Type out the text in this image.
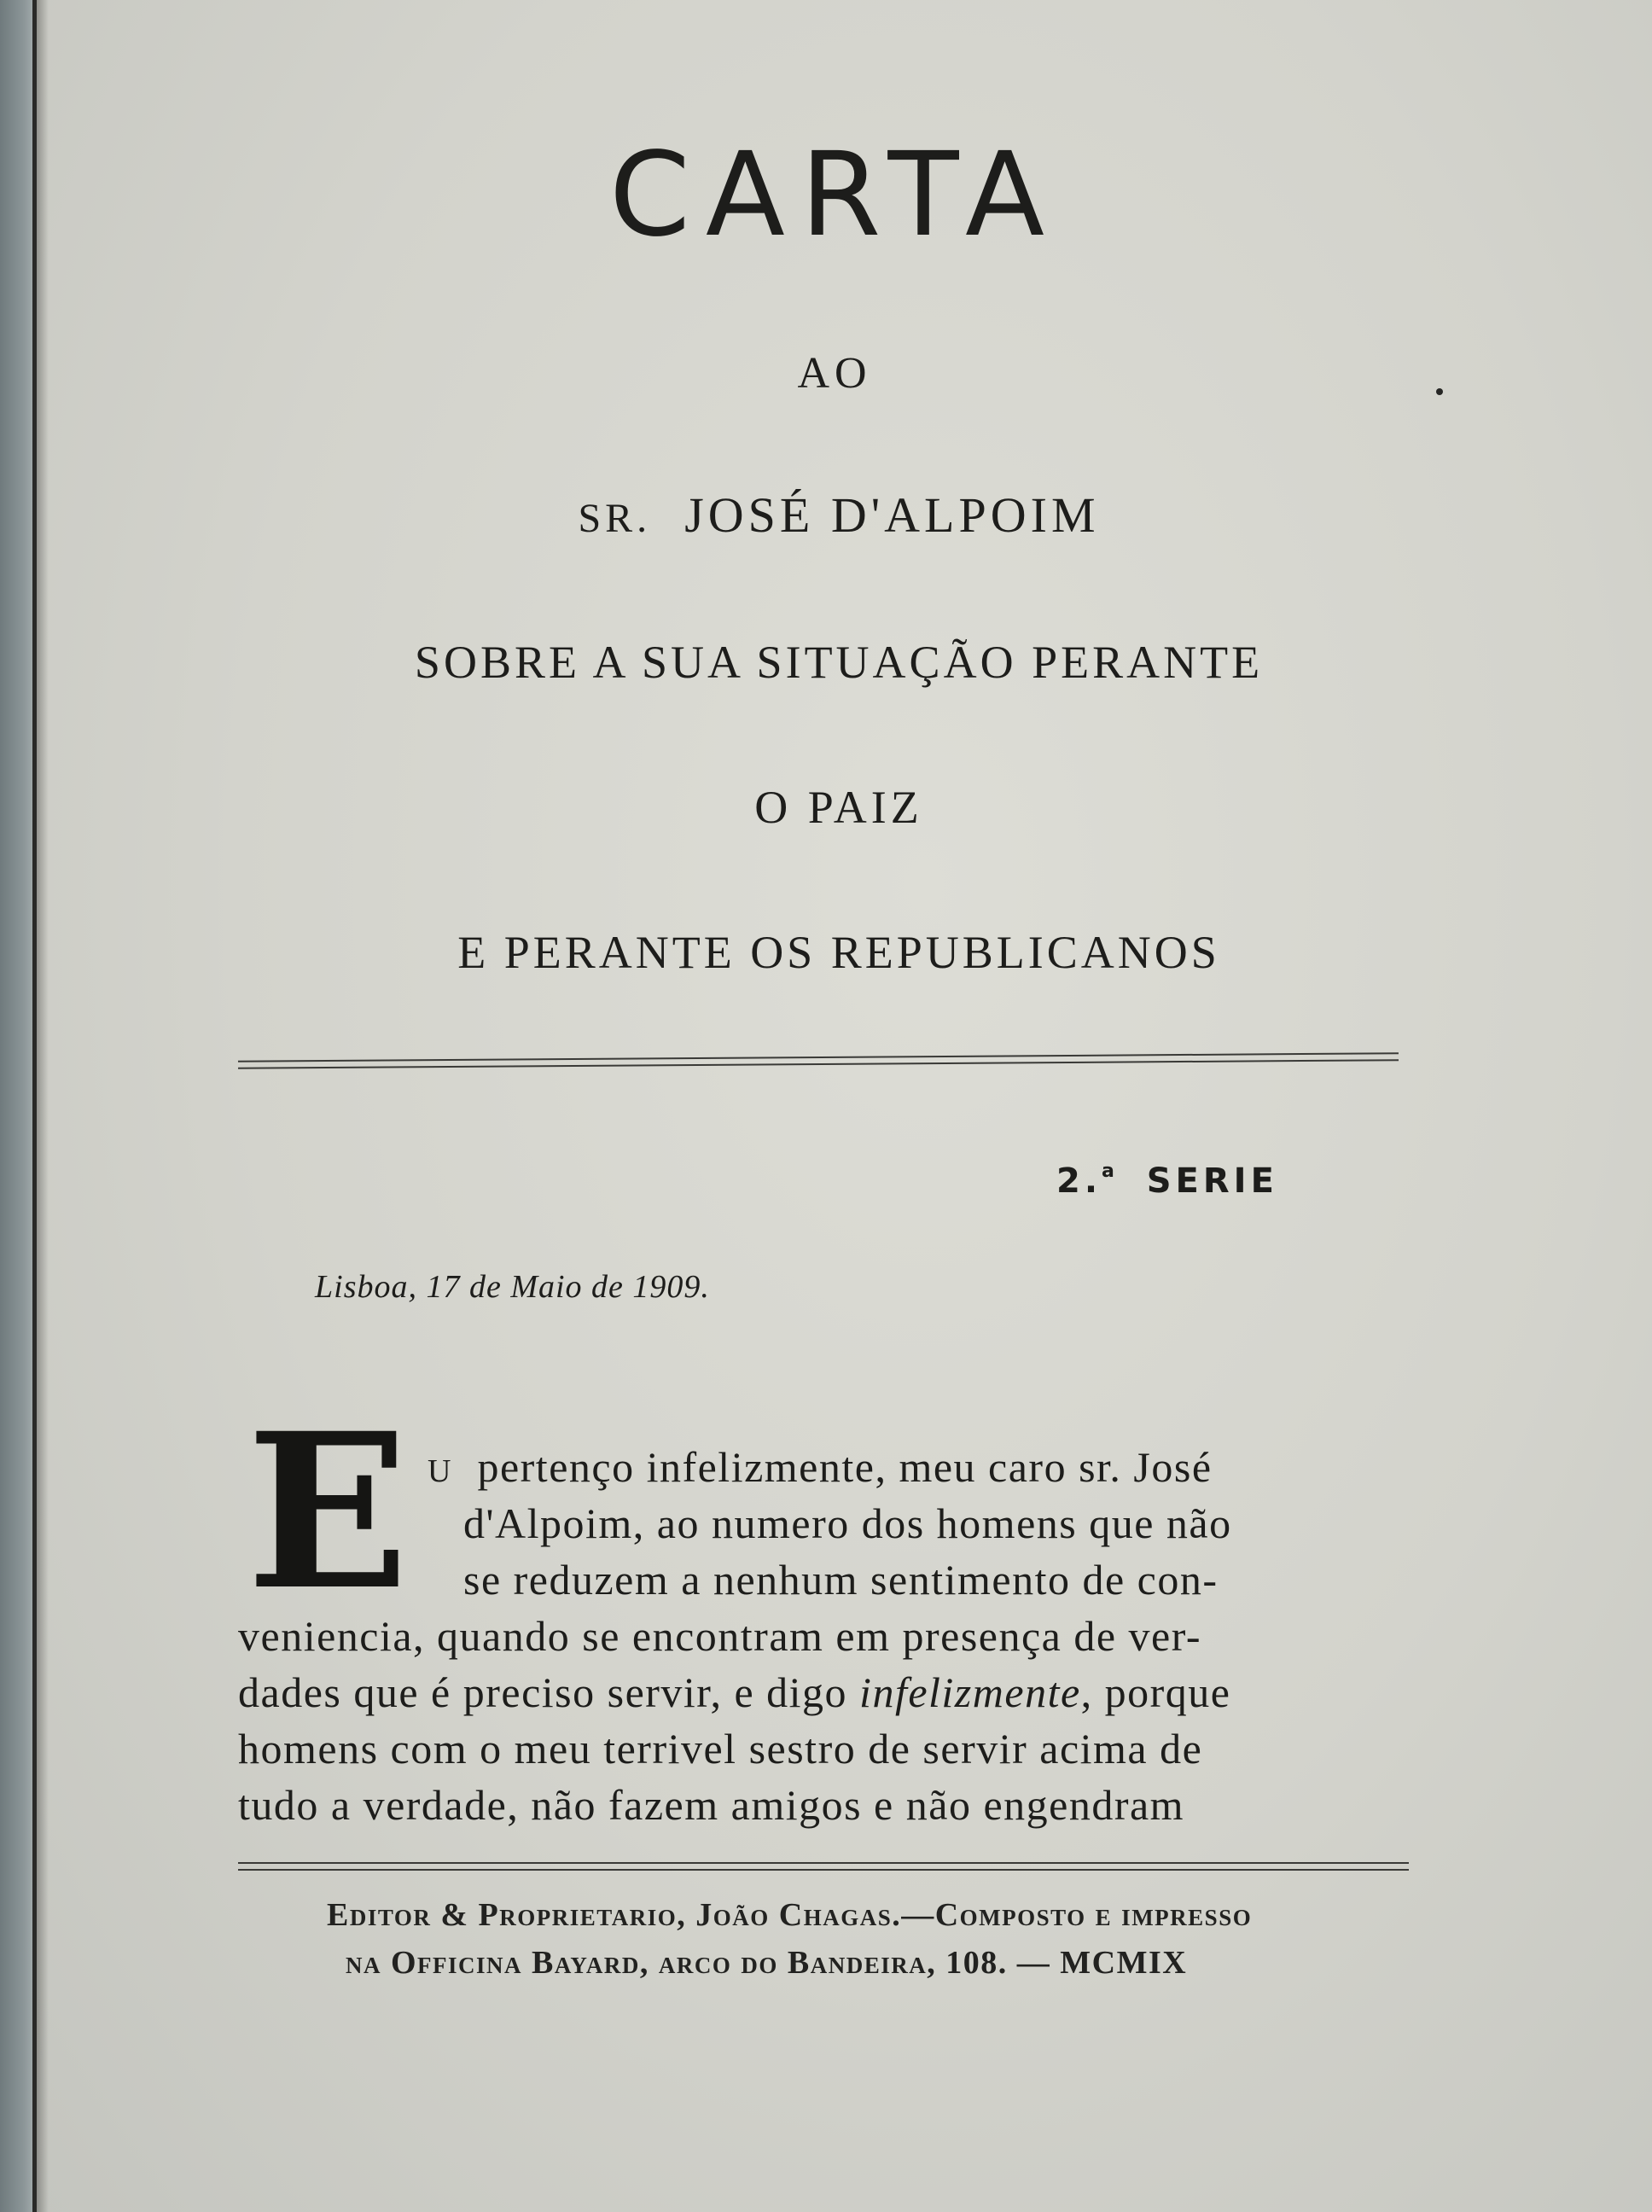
CARTA
AO
SR. JOSÉ D'ALPOIM
SOBRE A SUA SITUAÇÃO PERANTE
O PAIZ
E PERANTE OS REPUBLICANOS
2.$^a$ SERIE
Lisboa, 17 de Maio de 1909.
E U pertenço infelizmente, meu caro sr. José
d'Alpoim, ao numero dos homens que não
se reduzem a nenhum sentimento de con-
veniencia, quando se encontram em presença de ver-
dades que é preciso servir, e digo infelizmente, porque
homens com o meu terrivel sestro de servir acima de
tudo a verdade, não fazem amigos e não engendram
Editor & Proprietario, João Chagas.—Composto e impresso
na Officina Bayard, arco do Bandeira, 108. — MCMIX
